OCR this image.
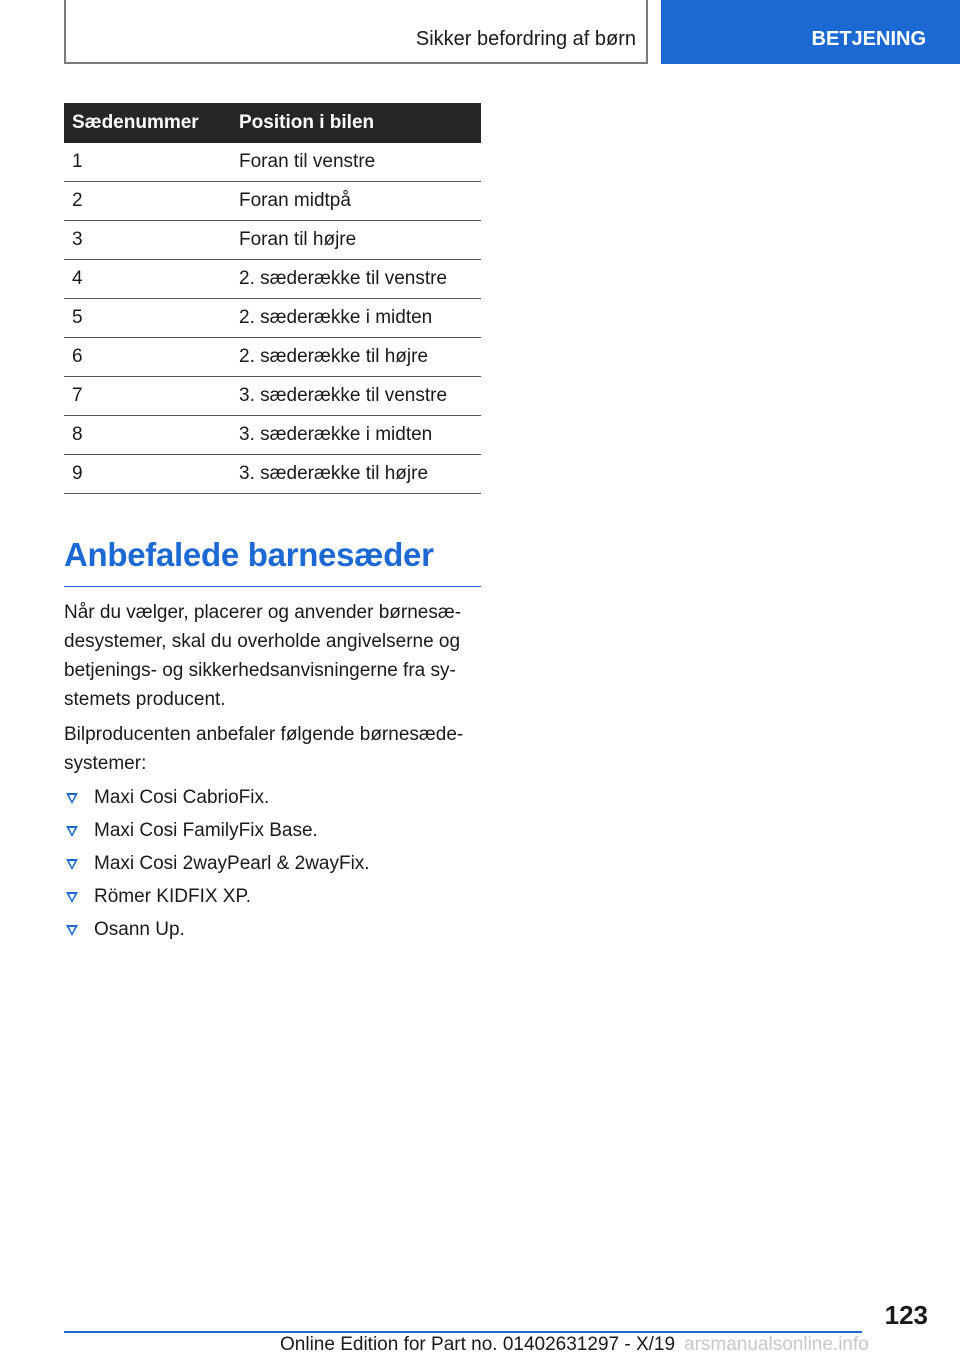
Sikker befordring af børn	BETJENING
Sædenummer	Position i bilen
1	Foran til venstre
2	Foran midtpå
3	Foran til højre
4	2. sæderække til venstre
5	2. sæderække i midten
6	2. sæderække til højre
7	3. sæderække til venstre
8	3. sæderække i midten
9	3. sæderække til højre
Anbefalede barnesæder

Når du vælger, placerer og anvender børnesæ-desystemer, skal du overholde angivelserne og betjenings- og sikkerhedsanvisningerne fra sy-stemets producent.

Bilproducenten anbefaler følgende børnesæde-systemer:

Maxi Cosi CabrioFix.
Maxi Cosi FamilyFix Base.
Maxi Cosi 2wayPearl & 2wayFix.
Römer KIDFIX XP.
Osann Up.
123
Online Edition for Part no. 01402631297 - X/19 arsmanualsonline.info
